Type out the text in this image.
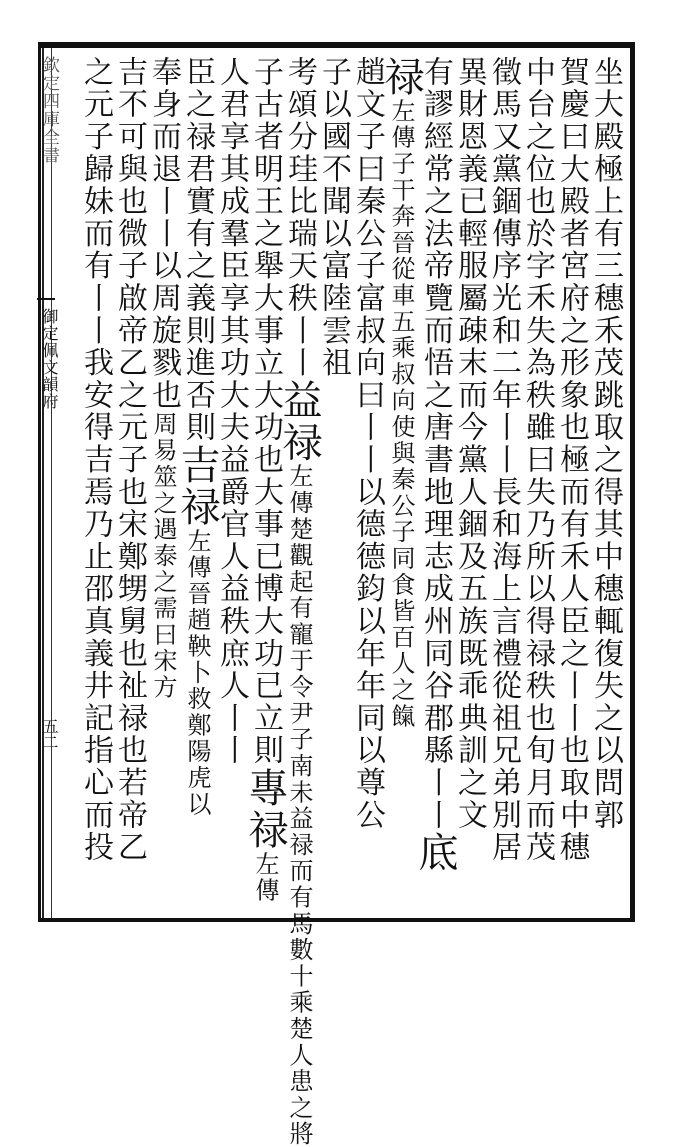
欽定四庫全書
御定佩文韻府
五二	坐大殿極上有三穗禾茂跳取之得其中穗輒復失之以問郭
賀慶曰大殿者宮府之形象也極而有禾人臣之丨丨也取中穗
中台之位也於字禾失為秩雖曰失乃所以得禄秩也旬月而茂
徵馬又黨錮傳序光和二年丨丨長和海上言禮從祖兄弟別居
異財恩義已輕服屬疎末而今黨人錮及五族既乖典訓之文
有謬經常之法帝覽而悟之唐書地理志成州同谷郡縣丨丨底
禄左傳子干奔晉從車五乘叔向使與秦公子同食皆百人之餼
趙文子曰秦公子富叔向曰丨丨以德德鈞以年年同以尊公
子以國不聞以富陸雲祖
考頌分珪比瑞天秩丨丨益禄左傳楚觀起有寵于令尹子南未益禄而有馬數十乘楚人患之將
子古者明王之舉大事立大功也大事已博大功已立則專禄左傳
人君享其成羣臣享其功大夫益爵官人益秩庶人丨丨
臣之禄君實有之義則進否則吉禄左傳晉趙鞅卜救鄭陽虎以
奉身而退丨丨以周旋戮也周易筮之遇泰之需曰宋方
吉不可與也微子啟帝乙之元子也宋鄭甥舅也祉禄也若帝乙
之元子歸妹而有丨丨我安得吉焉乃止邵真義井記指心而投
